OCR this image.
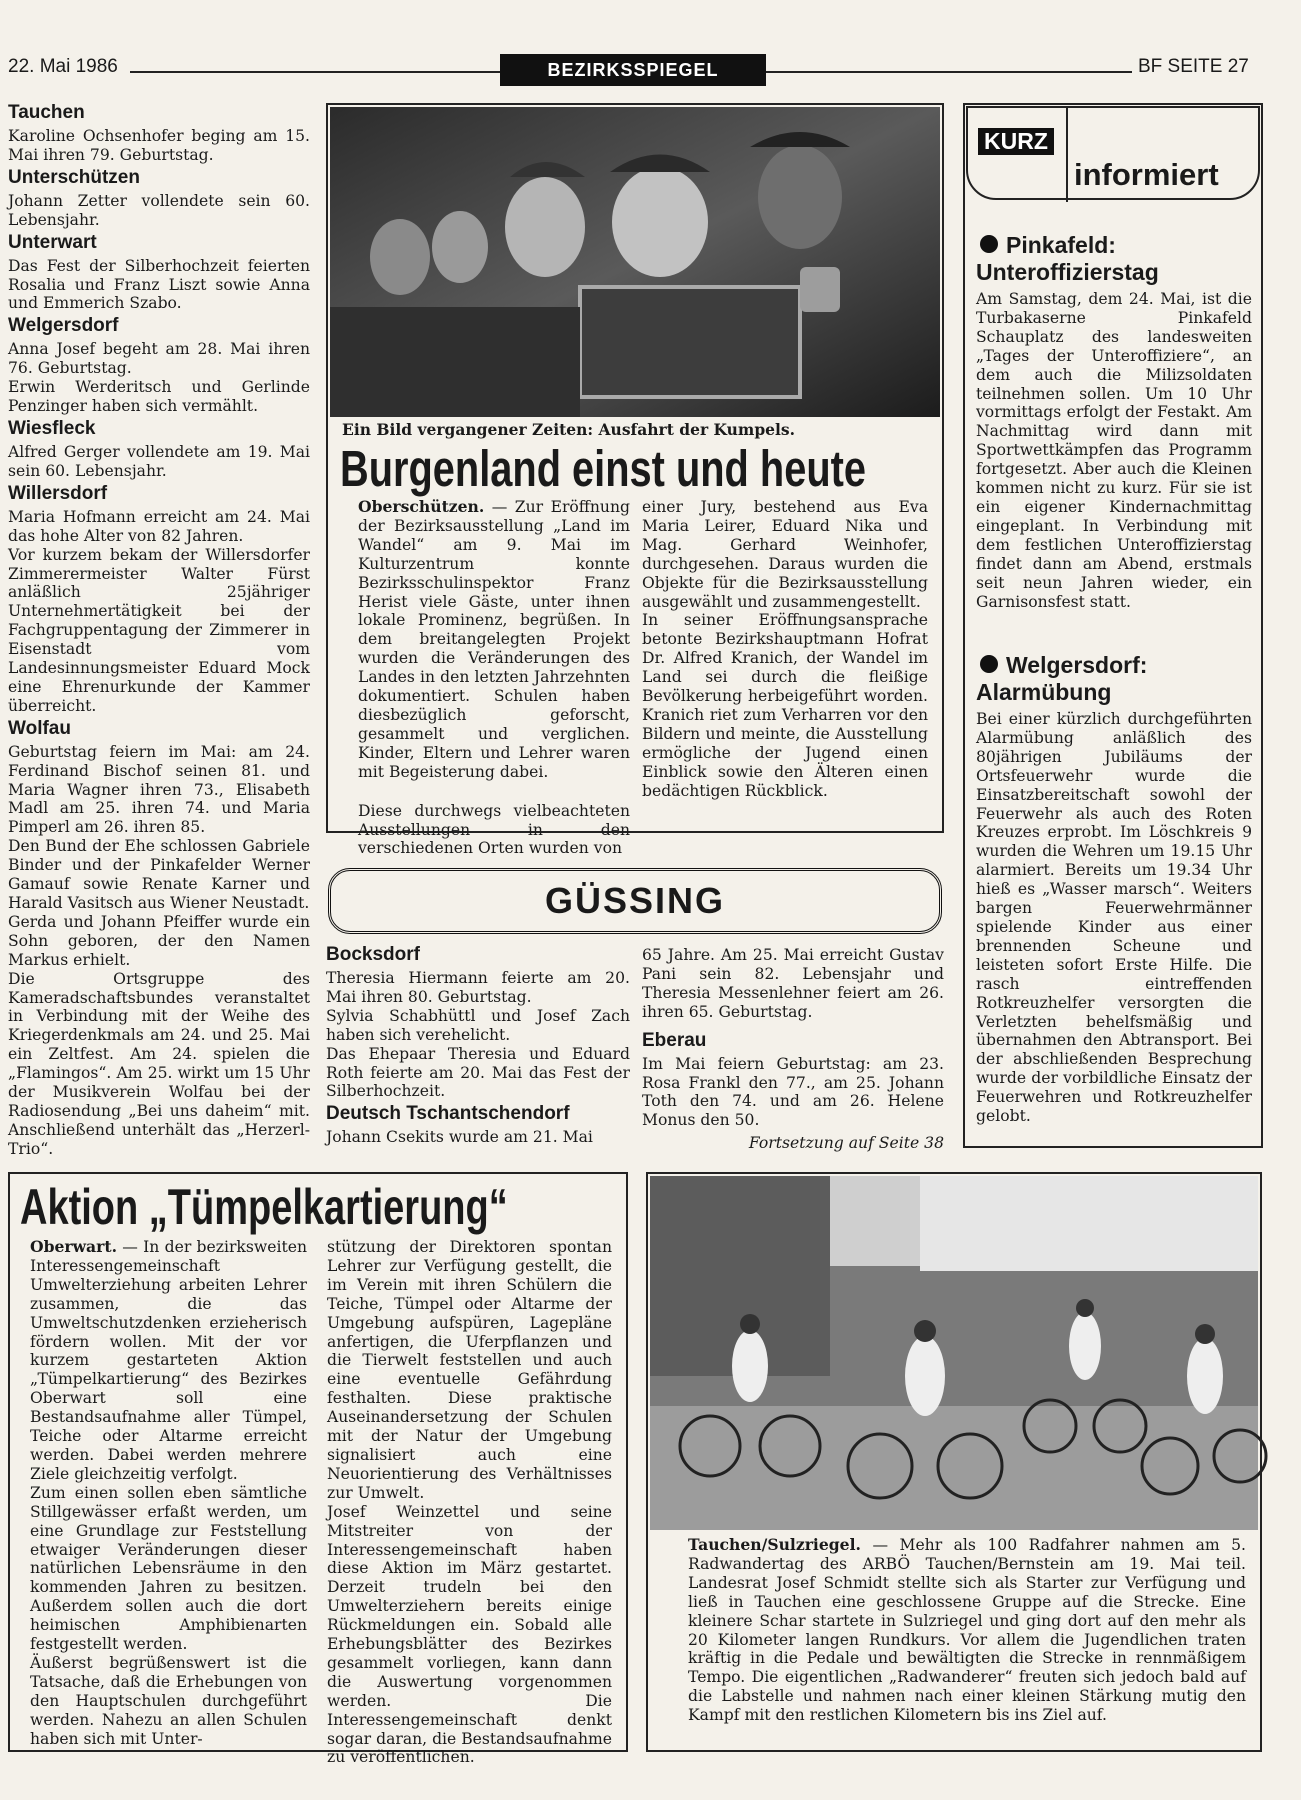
22. Mai 1986	BEZIRKSSPIEGEL	BF SEITE 27
Tauchen

Karoline Ochsenhofer beging am 15. Mai ihren 79. Geburtstag.

Unterschützen

Johann Zetter vollendete sein 60. Lebensjahr.

Unterwart

Das Fest der Silberhochzeit feierten Rosalia und Franz Liszt sowie Anna und Emmerich Szabo.

Welgersdorf

Anna Josef begeht am 28. Mai ihren 76. Geburtstag.

Erwin Werderitsch und Gerlinde Penzinger haben sich vermählt.

Wiesfleck

Alfred Gerger vollendete am 19. Mai sein 60. Lebensjahr.

Willersdorf

Maria Hofmann erreicht am 24. Mai das hohe Alter von 82 Jahren.

Vor kurzem bekam der Willersdorfer Zimmerermeister Walter Fürst anläßlich 25jähriger Unternehmertätigkeit bei der Fachgruppentagung der Zimmerer in Eisenstadt vom Landesinnungsmeister Eduard Mock eine Ehrenurkunde der Kammer überreicht.

Wolfau

Geburtstag feiern im Mai: am 24. Ferdinand Bischof seinen 81. und Maria Wagner ihren 73., Elisabeth Madl am 25. ihren 74. und Maria Pimperl am 26. ihren 85.

Den Bund der Ehe schlossen Gabriele Binder und der Pinkafelder Werner Gamauf sowie Renate Karner und Harald Vasitsch aus Wiener Neustadt.

Gerda und Johann Pfeiffer wurde ein Sohn geboren, der den Namen Markus erhielt.

Die Ortsgruppe des Kameradschaftsbundes veranstaltet in Verbindung mit der Weihe des Kriegerdenkmals am 24. und 25. Mai ein Zeltfest. Am 24. spielen die „Flamingos“. Am 25. wirkt um 15 Uhr der Musikverein Wolfau bei der Radiosendung „Bei uns daheim“ mit. Anschließend unterhält das „Herzerl-Trio“.

Ein Bild vergangener Zeiten: Ausfahrt der Kumpels.
Burgenland einst und heute

Oberschützen. — Zur Eröffnung der Bezirksausstellung „Land im Wandel“ am 9. Mai im Kulturzentrum konnte Bezirksschulinspektor Franz Herist viele Gäste, unter ihnen lokale Prominenz, begrüßen. In dem breitangelegten Projekt wurden die Veränderungen des Landes in den letzten Jahrzehnten dokumentiert. Schulen haben diesbezüglich geforscht, gesammelt und verglichen. Kinder, Eltern und Lehrer waren mit Begeisterung dabei.

Diese durchwegs vielbeachteten Ausstellungen in den verschiedenen Orten wurden von

einer Jury, bestehend aus Eva Maria Leirer, Eduard Nika und Mag. Gerhard Weinhofer, durchgesehen. Daraus wurden die Objekte für die Bezirksausstellung ausgewählt und zusammengestellt.

In seiner Eröffnungsansprache betonte Bezirkshauptmann Hofrat Dr. Alfred Kranich, der Wandel im Land sei durch die fleißige Bevölkerung herbeigeführt worden. Kranich riet zum Verharren vor den Bildern und meinte, die Ausstellung ermögliche der Jugend einen Einblick sowie den Älteren einen bedächtigen Rückblick.

KURZ
informiert
Pinkafeld:
Unteroffizierstag

Am Samstag, dem 24. Mai, ist die Turbakaserne Pinkafeld Schauplatz des landesweiten „Tages der Unteroffiziere“, an dem auch die Milizsoldaten teilnehmen sollen. Um 10 Uhr vormittags erfolgt der Festakt. Am Nachmittag wird dann mit Sportwettkämpfen das Programm fortgesetzt. Aber auch die Kleinen kommen nicht zu kurz. Für sie ist ein eigener Kindernachmittag eingeplant. In Verbindung mit dem festlichen Unteroffizierstag findet dann am Abend, erstmals seit neun Jahren wieder, ein Garnisonsfest statt.

Welgersdorf:
Alarmübung

Bei einer kürzlich durchgeführten Alarmübung anläßlich des 80jährigen Jubiläums der Ortsfeuerwehr wurde die Einsatzbereitschaft sowohl der Feuerwehr als auch des Roten Kreuzes erprobt. Im Löschkreis 9 wurden die Wehren um 19.15 Uhr alarmiert. Bereits um 19.34 Uhr hieß es „Wasser marsch“. Weiters bargen Feuerwehrmänner spielende Kinder aus einer brennenden Scheune und leisteten sofort Erste Hilfe. Die rasch eintreffenden Rotkreuzhelfer versorgten die Verletzten behelfsmäßig und übernahmen den Abtransport. Bei der abschließenden Besprechung wurde der vorbildliche Einsatz der Feuerwehren und Rotkreuzhelfer gelobt.

GÜSSING
Bocksdorf

Theresia Hiermann feierte am 20. Mai ihren 80. Geburtstag.

Sylvia Schabhüttl und Josef Zach haben sich verehelicht.

Das Ehepaar Theresia und Eduard Roth feierte am 20. Mai das Fest der Silberhochzeit.

Deutsch Tschantschendorf

Johann Csekits wurde am 21. Mai

65 Jahre. Am 25. Mai erreicht Gustav Pani sein 82. Lebensjahr und Theresia Messenlehner feiert am 26. ihren 65. Geburtstag.

Eberau

Im Mai feiern Geburtstag: am 23. Rosa Frankl den 77., am 25. Johann Toth den 74. und am 26. Helene Monus den 50.

Fortsetzung auf Seite 38

Aktion „Tümpelkartierung“

Oberwart. — In der bezirksweiten Interessengemeinschaft Umwelterziehung arbeiten Lehrer zusammen, die das Umweltschutzdenken erzieherisch fördern wollen. Mit der vor kurzem gestarteten Aktion „Tümpelkartierung“ des Bezirkes Oberwart soll eine Bestandsaufnahme aller Tümpel, Teiche oder Altarme erreicht werden. Dabei werden mehrere Ziele gleichzeitig verfolgt.

Zum einen sollen eben sämtliche Stillgewässer erfaßt werden, um eine Grundlage zur Feststellung etwaiger Veränderungen dieser natürlichen Lebensräume in den kommenden Jahren zu besitzen. Außerdem sollen auch die dort heimischen Amphibienarten festgestellt werden.

Äußerst begrüßenswert ist die Tatsache, daß die Erhebungen von den Hauptschulen durchgeführt werden. Nahezu an allen Schulen haben sich mit Unter-

stützung der Direktoren spontan Lehrer zur Verfügung gestellt, die im Verein mit ihren Schülern die Teiche, Tümpel oder Altarme der Umgebung aufspüren, Lagepläne anfertigen, die Uferpflanzen und die Tierwelt feststellen und auch eine eventuelle Gefährdung festhalten. Diese praktische Auseinandersetzung der Schulen mit der Natur der Umgebung signalisiert auch eine Neuorientierung des Verhältnisses zur Umwelt.

Josef Weinzettel und seine Mitstreiter von der Interessengemeinschaft haben diese Aktion im März gestartet. Derzeit trudeln bei den Umwelterziehern bereits einige Rückmeldungen ein. Sobald alle Erhebungsblätter des Bezirkes gesammelt vorliegen, kann dann die Auswertung vorgenommen werden. Die Interessengemeinschaft denkt sogar daran, die Bestandsaufnahme zu veröffentlichen.

Tauchen/Sulzriegel. — Mehr als 100 Radfahrer nahmen am 5. Radwandertag des ARBÖ Tauchen/Bernstein am 19. Mai teil. Landesrat Josef Schmidt stellte sich als Starter zur Verfügung und ließ in Tauchen eine geschlossene Gruppe auf die Strecke. Eine kleinere Schar startete in Sulzriegel und ging dort auf den mehr als 20 Kilometer langen Rundkurs. Vor allem die Jugendlichen traten kräftig in die Pedale und bewältigten die Strecke in rennmäßigem Tempo. Die eigentlichen „Radwanderer“ freuten sich jedoch bald auf die Labstelle und nahmen nach einer kleinen Stärkung mutig den Kampf mit den restlichen Kilometern bis ins Ziel auf.
